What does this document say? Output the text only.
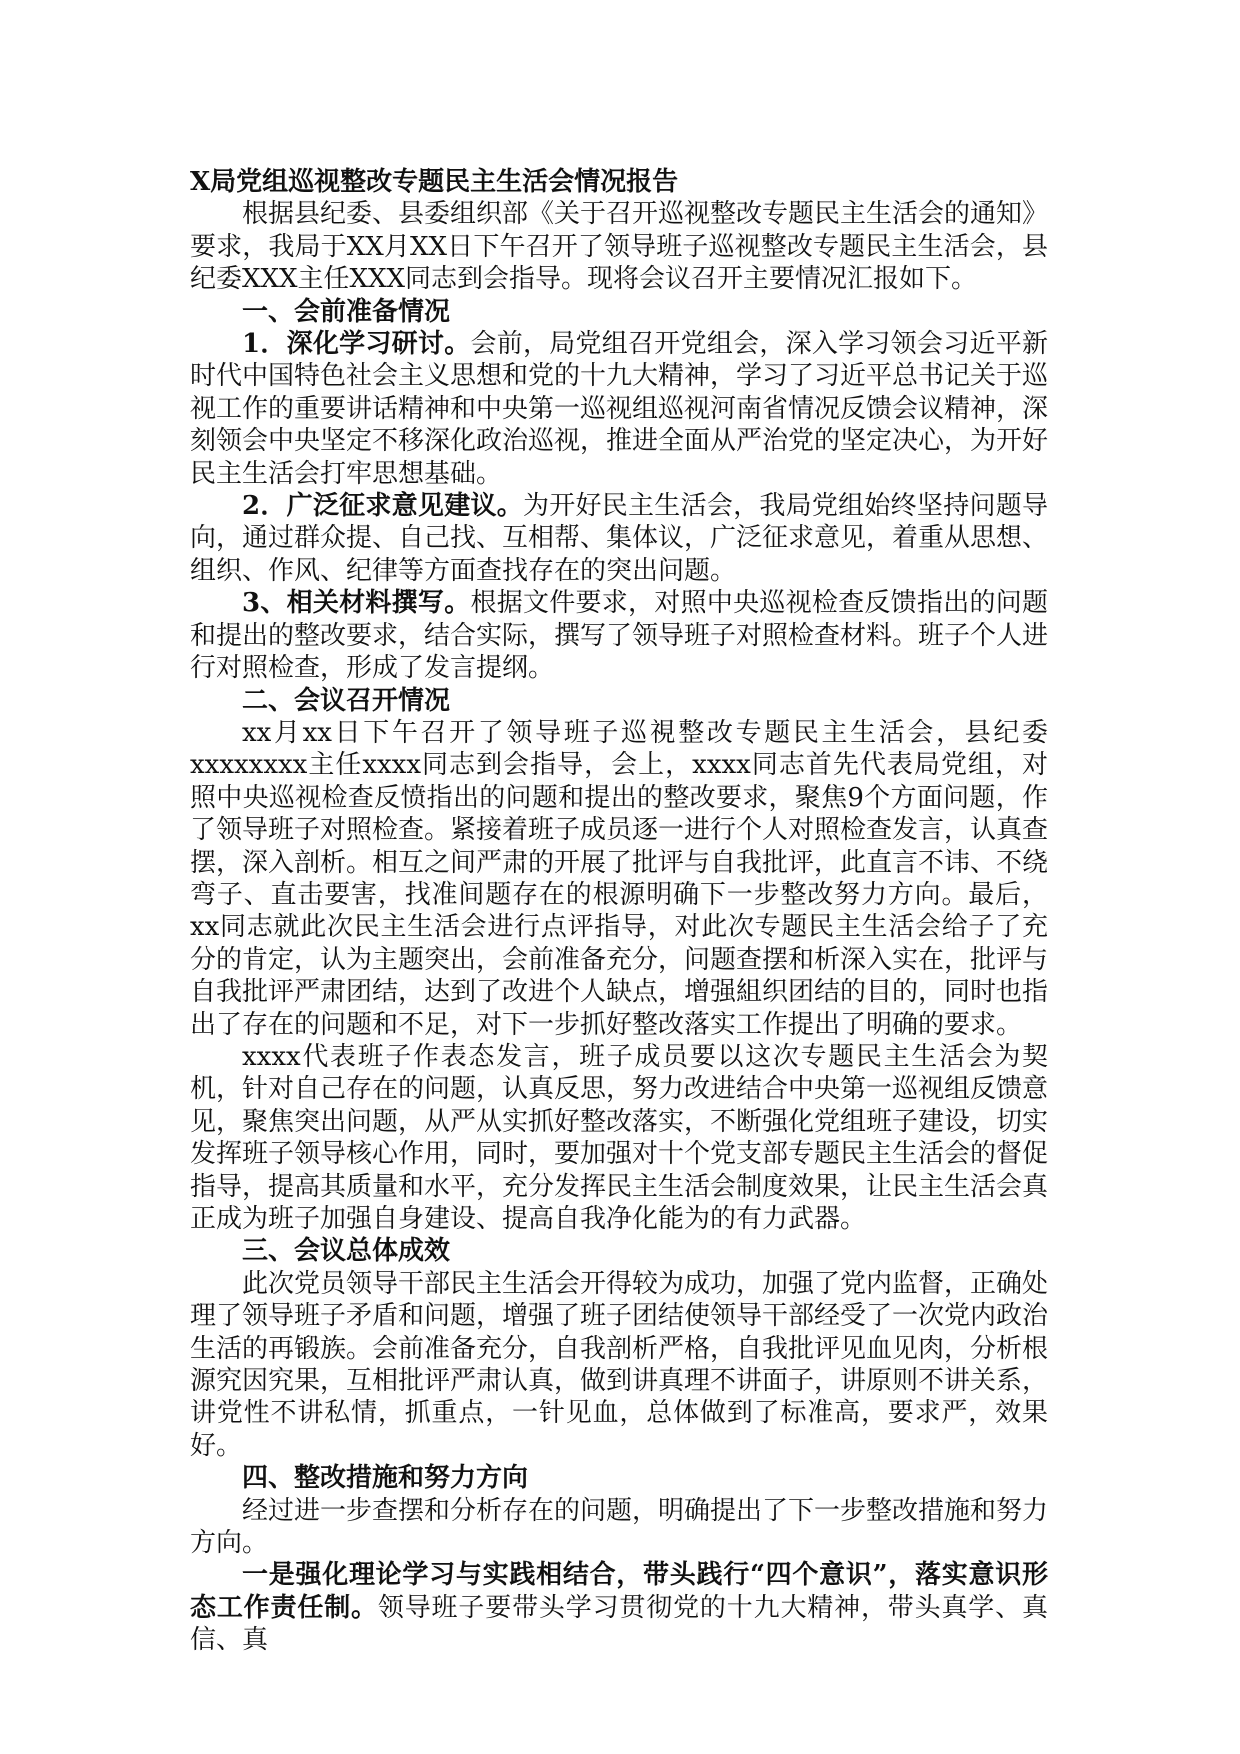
X局党组巡视整改专题民主生活会情况报告

根据县纪委、县委组织部《关于召开巡视整改专题民主生活会的通知》要求，我局于XX月XX日下午召开了领导班子巡视整改专题民主生活会，县纪委XXX主任XXX同志到会指导。现将会议召开主要情况汇报如下。

一、会前准备情况

1．深化学习研讨。会前，局党组召开党组会，深入学习领会习近平新时代中国特色社会主义思想和党的十九大精神，学习了习近平总书记关于巡视工作的重要讲话精神和中央第一巡视组巡视河南省情况反馈会议精神，深刻领会中央坚定不移深化政治巡视，推进全面从严治党的坚定决心，为开好民主生活会打牢思想基础。

2．广泛征求意见建议。为开好民主生活会，我局党组始终坚持问题导向，通过群众提、自己找、互相帮、集体议，广泛征求意见，着重从思想、组织、作风、纪律等方面查找存在的突出问题。

3、相关材料撰写。根据文件要求，对照中央巡视检查反馈指出的问题和提出的整改要求，结合实际，撰写了领导班子对照检查材料。班子个人进行对照检查，形成了发言提纲。

二、会议召开情况

xx月xx日下午召开了领导班子巡視整改专题民主生活会，县纪委xxxxxxxx主任xxxx同志到会指导，会上，xxxx同志首先代表局党组，对照中央巡视检查反愤指出的问题和提出的整改要求，聚焦9个方面问题，作了领导班子对照检查。紧接着班子成员逐一进行个人对照检查发言，认真查摆，深入剖析。相互之间严肃的开展了批评与自我批评，此直言不讳、不绕弯子、直击要害，找准间题存在的根源明确下一步整改努力方向。最后，xx同志就此次民主生活会进行点评指导，对此次专题民主生活会给子了充分的肯定，认为主题突出，会前准备充分，问题查摆和析深入实在，批评与自我批评严肃团结，达到了改进个人缺点，增强組织团结的目的，同时也指出了存在的问题和不足，对下一步抓好整改落实工作提出了明确的要求。

xxxx代表班子作表态发言，班子成员要以这次专题民主生活会为契机，针对自己存在的问题，认真反思，努力改进结合中央第一巡视组反馈意见，聚焦突出问题，从严从实抓好整改落实，不断强化党组班子建设，切实发挥班子领导核心作用，同时，要加强对十个党支部专题民主生活会的督促指导，提高其质量和水平，充分发挥民主生活会制度效果，让民主生活会真正成为班子加强自身建设、提高自我净化能为的有力武器。

三、会议总体成效

此次党员领导干部民主生活会开得较为成功，加强了党内监督，正确处理了领导班子矛盾和问题，增强了班子团结使领导干部经受了一次党内政治生活的再锻族。会前准备充分，自我剖析严格，自我批评见血见肉，分析根源究因究果，互相批评严肃认真，做到讲真理不讲面子，讲原则不讲关系，讲党性不讲私情，抓重点，一针见血，总体做到了标准高，要求严，效果好。

四、整改措施和努力方向

经过进一步查摆和分析存在的问题，明确提出了下一步整改措施和努力方向。

一是强化理论学习与实践相结合，带头践行“四个意识”，落实意识形态工作责任制。领导班子要带头学习贯彻党的十九大精神，带头真学、真信、真
